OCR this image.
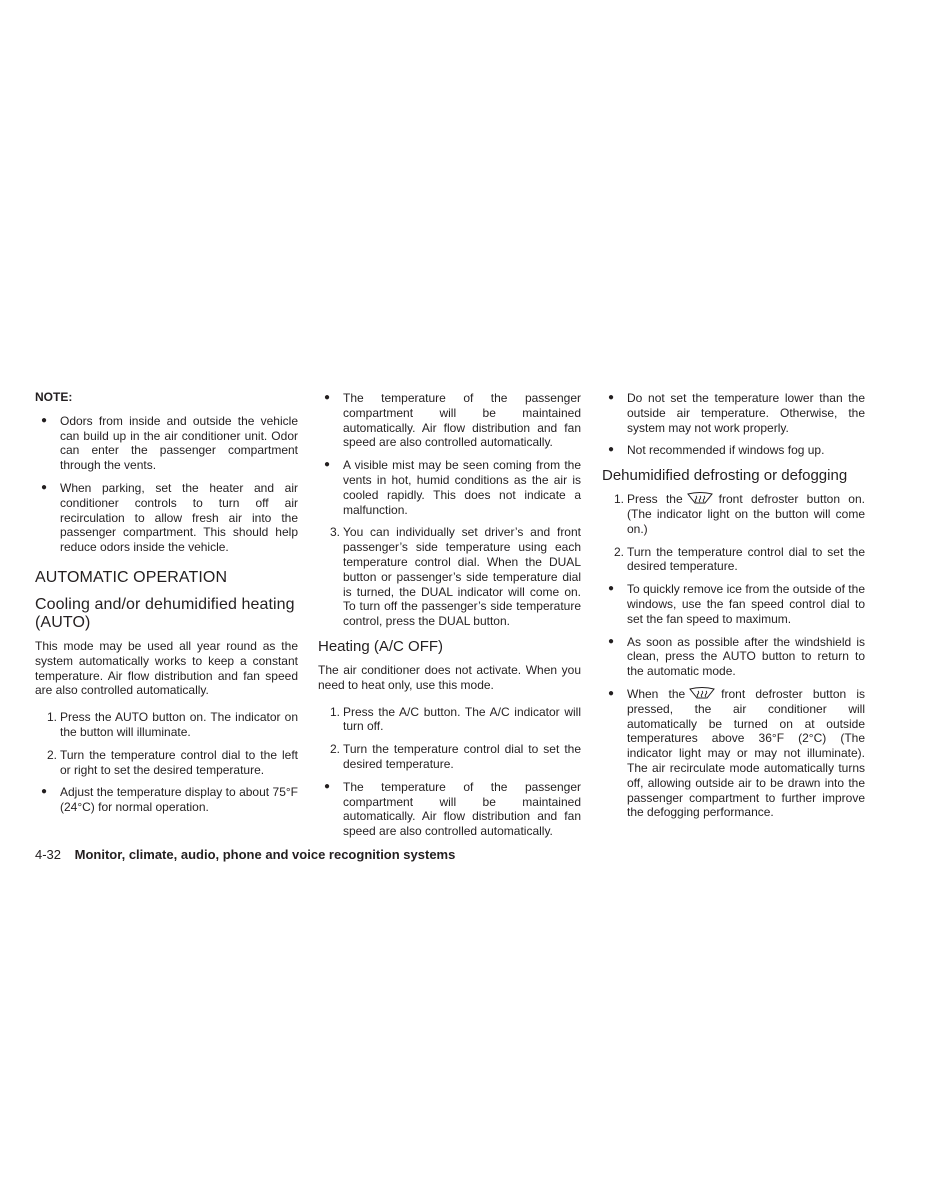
NOTE:
●	Odors from inside and outside the vehicle can build up in the air conditioner unit. Odor can enter the passenger compartment through the vents.
●	When parking, set the heater and air conditioner controls to turn off air recirculation to allow fresh air into the passenger compartment. This should help reduce odors inside the vehicle.
AUTOMATIC OPERATION
Cooling and/or dehumidified heating (AUTO)

This mode may be used all year round as the system automatically works to keep a constant temperature. Air flow distribution and fan speed are also controlled automatically.

1. Press the AUTO button on. The indicator on the button will illuminate.
2. Turn the temperature control dial to the left or right to set the desired temperature.
●	Adjust the temperature display to about 75°F (24°C) for normal operation.
●	The temperature of the passenger compartment will be maintained automatically. Air flow distribution and fan speed are also controlled automatically.
●	A visible mist may be seen coming from the vents in hot, humid conditions as the air is cooled rapidly. This does not indicate a malfunction.
3. You can individually set driver’s and front passenger’s side temperature using each temperature control dial. When the DUAL button or passenger’s side temperature dial is turned, the DUAL indicator will come on. To turn off the passenger’s side temperature control, press the DUAL button.
Heating (A/C OFF)

The air conditioner does not activate. When you need to heat only, use this mode.

1. Press the A/C button. The A/C indicator will turn off.
2. Turn the temperature control dial to set the desired temperature.
●	The temperature of the passenger compartment will be maintained automatically. Air flow distribution and fan speed are also controlled automatically.
●	Do not set the temperature lower than the outside air temperature. Otherwise, the system may not work properly.
●	Not recommended if windows fog up.
Dehumidified defrosting or defogging
1. Press the	front defroster button on. (The indicator light on the button will come on.)
2. Turn the temperature control dial to set the desired temperature.
●	To quickly remove ice from the outside of the windows, use the fan speed control dial to set the fan speed to maximum.
●	As soon as possible after the windshield is clean, press the AUTO button to return to the automatic mode.
●	When the	front defroster button is pressed, the air conditioner will automatically be turned on at outside temperatures above 36°F (2°C) (The indicator light may or may not illuminate). The air recirculate mode automatically turns off, allowing outside air to be drawn into the passenger compartment to further improve the defogging performance.
4-32 Monitor, climate, audio, phone and voice recognition systems
